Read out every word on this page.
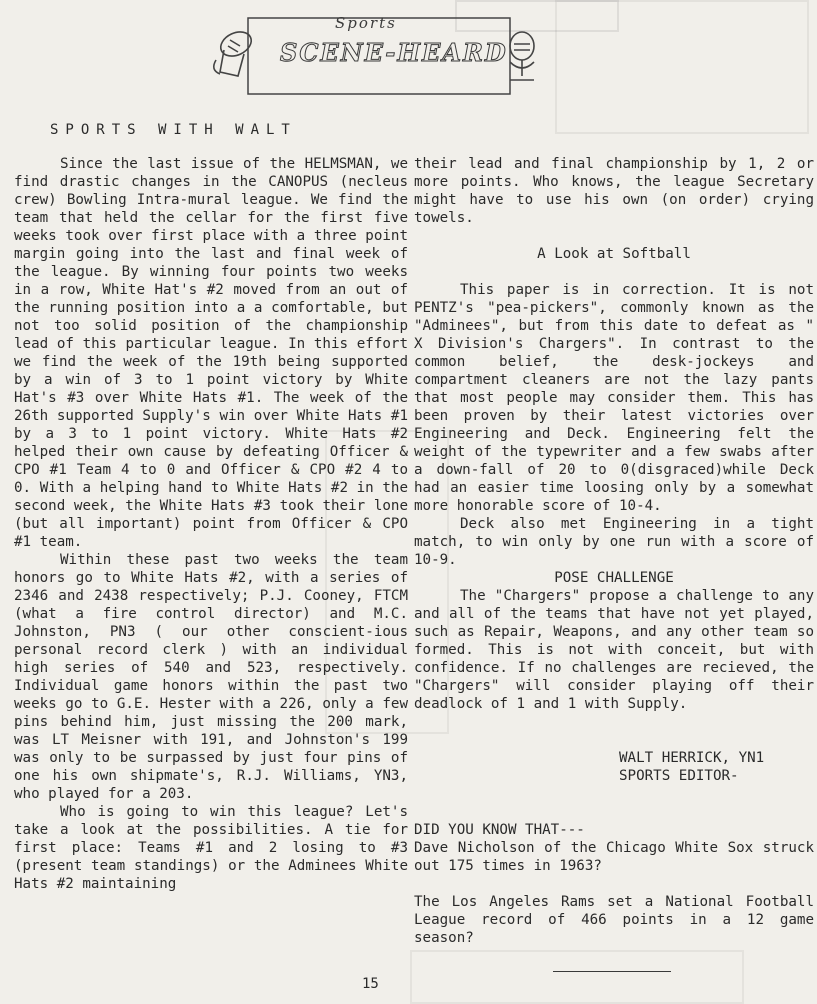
Sports
SCENE-HEARD
SPORTS WITH WALT

Since the last issue of the HELMSMAN, we find drastic changes in the CANOPUS (necleus crew) Bowling Intra-mural league. We find the team that held the cellar for the first five weeks took over first place with a three point margin going into the last and final week of the league. By winning four points two weeks in a row, White Hat's #2 moved from an out of the running position into a a comfortable, but not too solid position of the championship lead of this particular league. In this effort we find the week of the 19th being supported by a win of 3 to 1 point victory by White Hat's #3 over White Hats #1. The week of the 26th supported Supply's win over White Hats #1 by a 3 to 1 point victory. White Hats #2 helped their own cause by defeating Officer & CPO #1 Team 4 to 0 and Officer & CPO #2 4 to 0. With a helping hand to White Hats #2 in the second week, the White Hats #3 took their lone (but all important) point from Officer & CPO #1 team.

Within these past two weeks the team honors go to White Hats #2, with a series of 2346 and 2438 respectively; P.J. Cooney, FTCM (what a fire control director) and M.C. Johnston, PN3 ( our other conscient-ious personal record clerk ) with an individual high series of 540 and 523, respectively. Individual game honors within the past two weeks go to G.E. Hester with a 226, only a few pins behind him, just missing the 200 mark, was LT Meisner with 191, and Johnston's 199 was only to be surpassed by just four pins of one his own shipmate's, R.J. Williams, YN3, who played for a 203.

Who is going to win this league? Let's take a look at the possibilities. A tie for first place: Teams #1 and 2 losing to #3 (present team standings) or the Adminees White Hats #2 maintaining

their lead and final championship by 1, 2 or more points. Who knows, the league Secretary might have to use his own (on order) crying towels.

A Look at Softball

This paper is in correction. It is not PENTZ's "pea-pickers", commonly known as the "Adminees", but from this date to defeat as " X Division's Chargers". In contrast to the common belief, the desk-jockeys and compartment cleaners are not the lazy pants that most people may consider them. This has been proven by their latest victories over Engineering and Deck. Engineering felt the weight of the typewriter and a few swabs after a down-fall of 20 to 0(disgraced)while Deck had an easier time loosing only by a somewhat more honorable score of 10-4.

Deck also met Engineering in a tight match, to win only by one run with a score of 10-9.

POSE CHALLENGE

The "Chargers" propose a challenge to any and all of the teams that have not yet played, such as Repair, Weapons, and any other team so formed. This is not with conceit, but with confidence. If no challenges are recieved, the "Chargers" will consider playing off their deadlock of 1 and 1 with Supply.

WALT HERRICK, YN1

SPORTS EDITOR-

DID YOU KNOW THAT---

Dave Nicholson of the Chicago White Sox struck out 175 times in 1963?

The Los Angeles Rams set a National Football League record of 466 points in a 12 game season?

15
